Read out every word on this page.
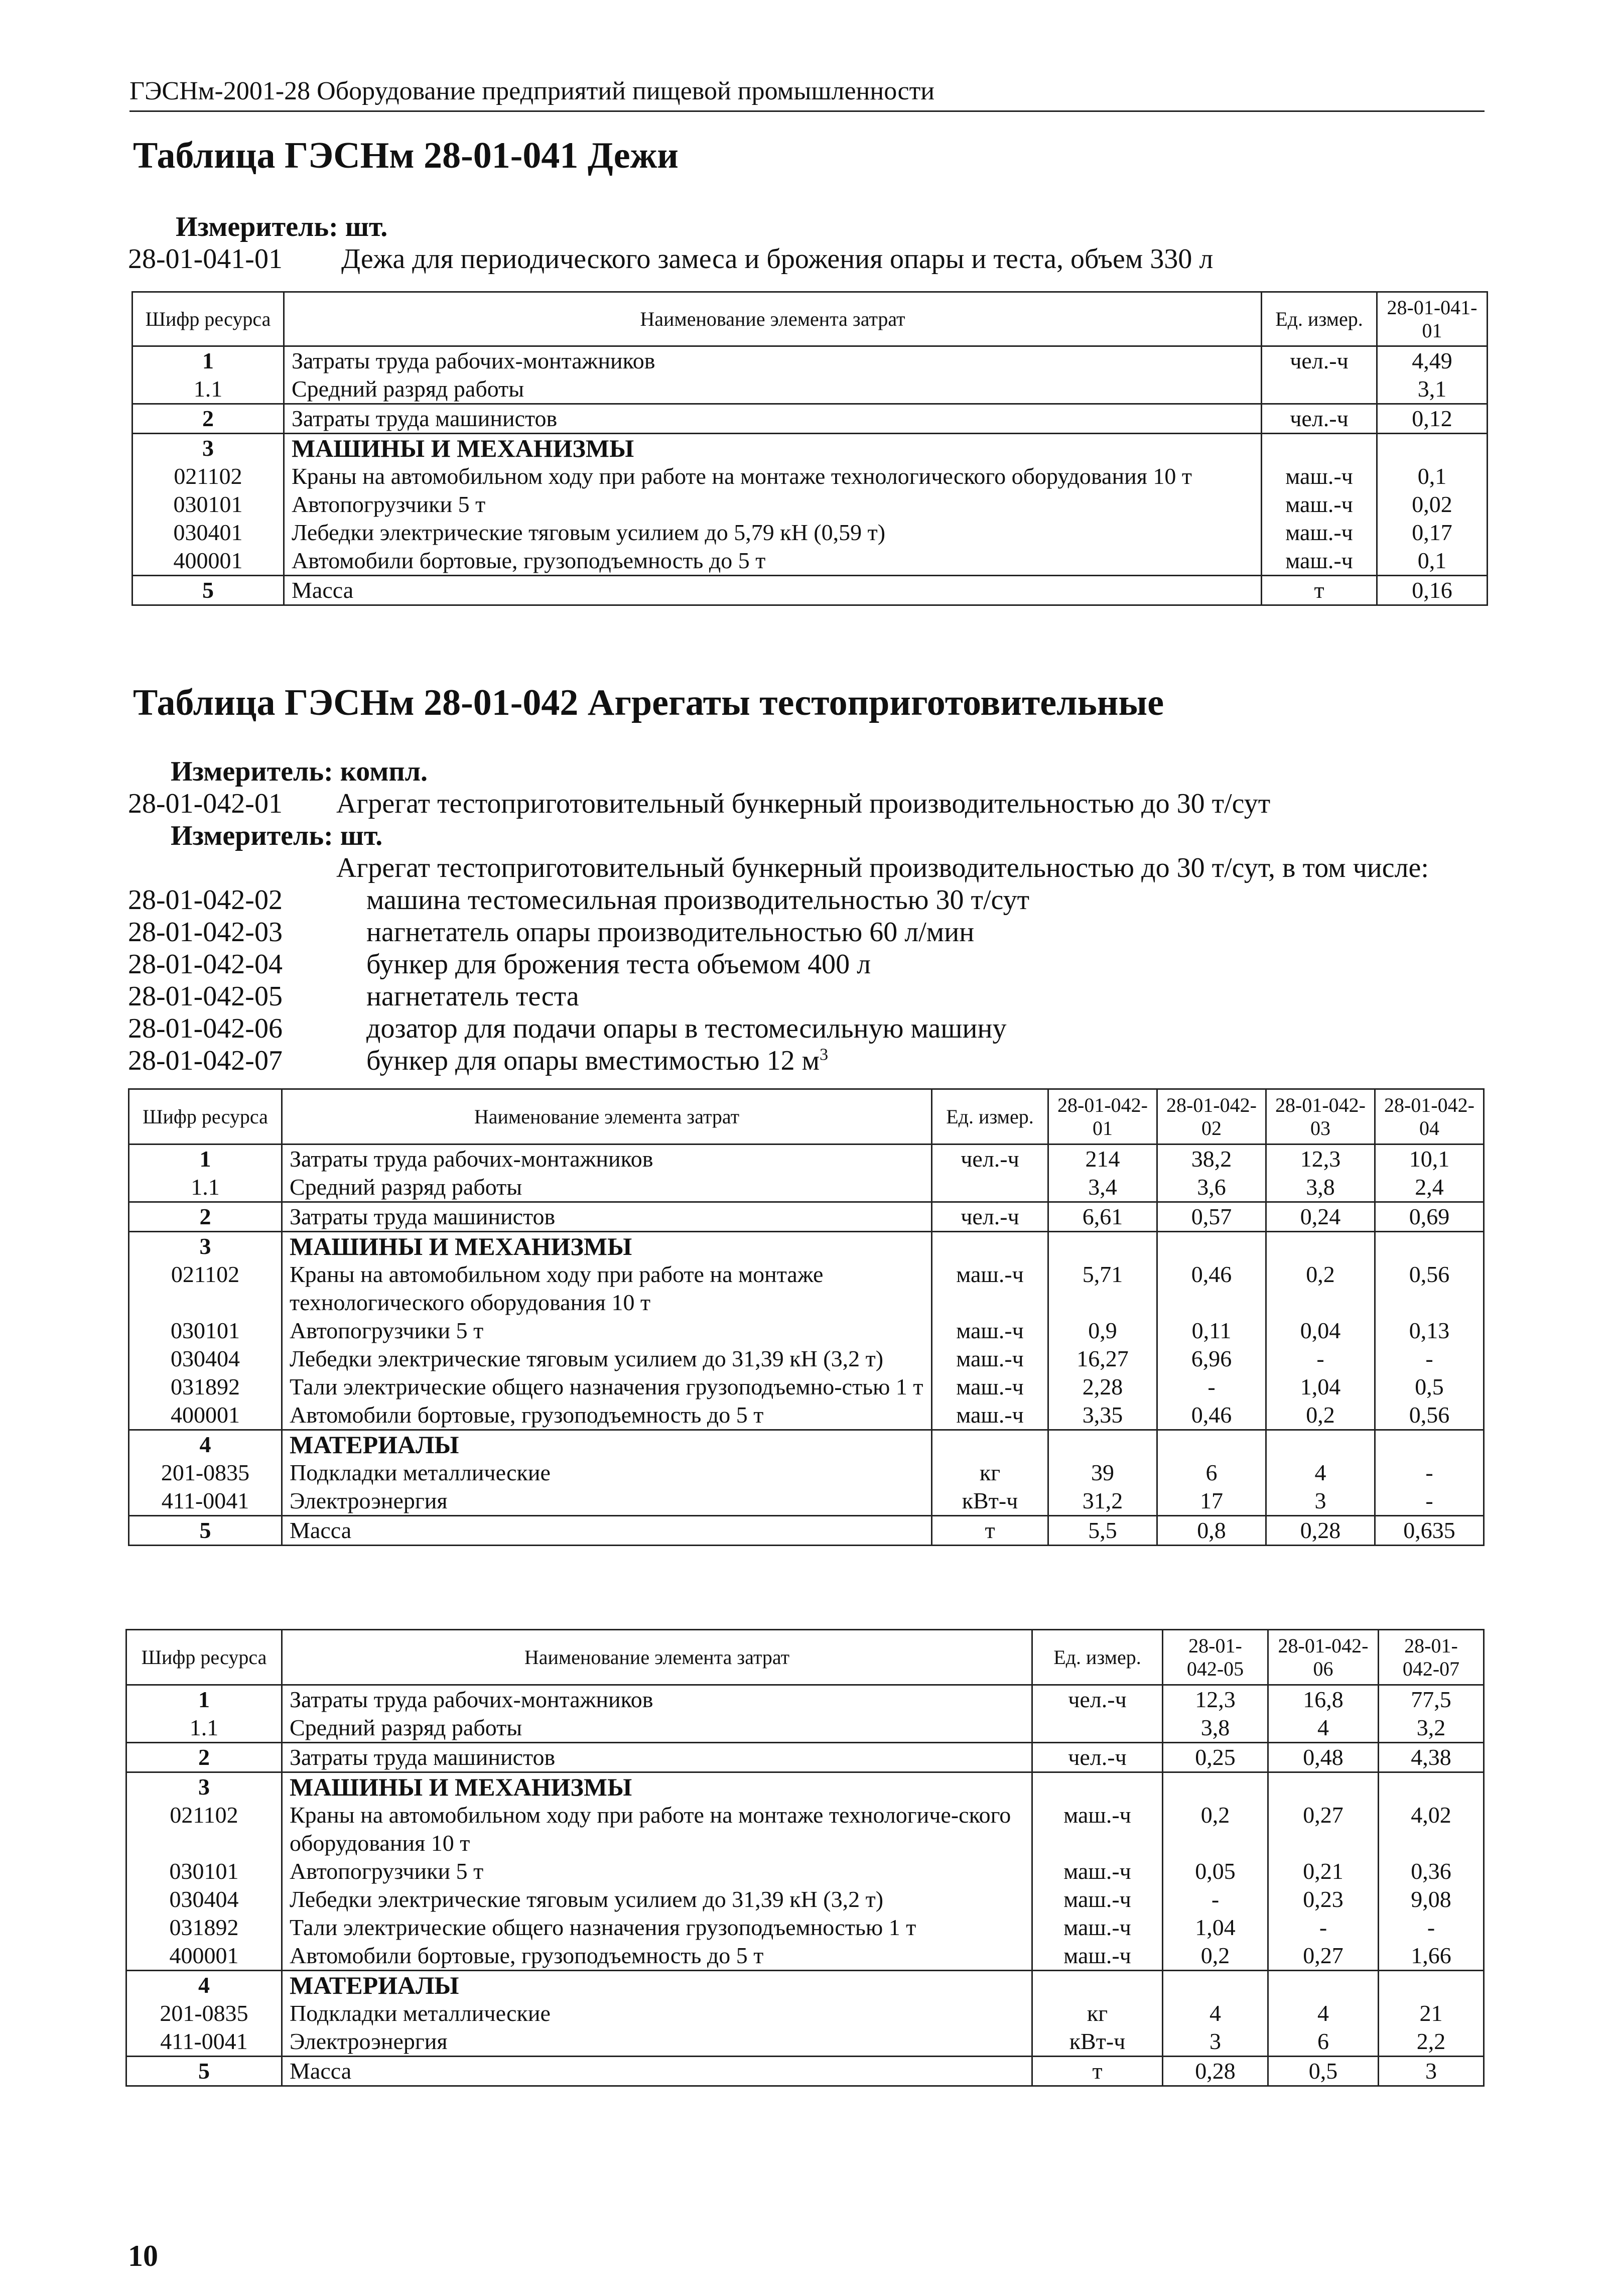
ГЭСНм-2001-28 Оборудование предприятий пищевой промышленности
Таблица ГЭСНм 28-01-041 Дежи
Измеритель: шт.
28-01-041-01 Дежа для периодического замеса и брожения опары и теста, объем 330 л
Шифр ресурса	Наименование элемента затрат	Ед. измер.	28-01-041-01
1	Затраты труда рабочих-монтажников	чел.-ч	4,49
1.1	Средний разряд работы		3,1
2	Затраты труда машинистов	чел.-ч	0,12
3	МАШИНЫ И МЕХАНИЗМЫ		
021102	Краны на автомобильном ходу при работе на монтаже технологического оборудования 10 т	маш.-ч	0,1
030101	Автопогрузчики 5 т	маш.-ч	0,02
030401	Лебедки электрические тяговым усилием до 5,79 кН (0,59 т)	маш.-ч	0,17
400001	Автомобили бортовые, грузоподъемность до 5 т	маш.-ч	0,1
5	Масса	т	0,16
Таблица ГЭСНм 28-01-042 Агрегаты тестоприготовительные
Измеритель: компл.
28-01-042-01 Агрегат тестоприготовительный бункерный производительностью до 30 т/сут
Измеритель: шт.
Агрегат тестоприготовительный бункерный производительностью до 30 т/сут, в том числе:
28-01-042-02	машина тестомесильная производительностью 30 т/сут
28-01-042-03	нагнетатель опары производительностью 60 л/мин
28-01-042-04	бункер для брожения теста объемом 400 л
28-01-042-05	нагнетатель теста
28-01-042-06	дозатор для подачи опары в тестомесильную машину
28-01-042-07	бункер для опары вместимостью 12 $м^3$
Шифр ресурса	Наименование элемента затрат	Ед. измер.	28-01-042-01	28-01-042-02	28-01-042-03	28-01-042-04
1	Затраты труда рабочих-монтажников	чел.-ч	214	38,2	12,3	10,1
1.1	Средний разряд работы		3,4	3,6	3,8	2,4
2	Затраты труда машинистов	чел.-ч	6,61	0,57	0,24	0,69
3	МАШИНЫ И МЕХАНИЗМЫ					
021102	Краны на автомобильном ходу при работе на монтаже технологического оборудования 10 т	маш.-ч	5,71	0,46	0,2	0,56
030101	Автопогрузчики 5 т	маш.-ч	0,9	0,11	0,04	0,13
030404	Лебедки электрические тяговым усилием до 31,39 кН (3,2 т)	маш.-ч	16,27	6,96	-	-
031892	Тали электрические общего назначения грузоподъемно-стью 1 т	маш.-ч	2,28	-	1,04	0,5
400001	Автомобили бортовые, грузоподъемность до 5 т	маш.-ч	3,35	0,46	0,2	0,56
4	МАТЕРИАЛЫ					
201-0835	Подкладки металлические	кг	39	6	4	-
411-0041	Электроэнергия	кВт-ч	31,2	17	3	-
5	Масса	т	5,5	0,8	0,28	0,635
Шифр ресурса	Наименование элемента затрат	Ед. измер.	28-01-042-05	28-01-042-06	28-01-042-07
1	Затраты труда рабочих-монтажников	чел.-ч	12,3	16,8	77,5
1.1	Средний разряд работы		3,8	4	3,2
2	Затраты труда машинистов	чел.-ч	0,25	0,48	4,38
3	МАШИНЫ И МЕХАНИЗМЫ				
021102	Краны на автомобильном ходу при работе на монтаже технологиче-ского оборудования 10 т	маш.-ч	0,2	0,27	4,02
030101	Автопогрузчики 5 т	маш.-ч	0,05	0,21	0,36
030404	Лебедки электрические тяговым усилием до 31,39 кН (3,2 т)	маш.-ч	-	0,23	9,08
031892	Тали электрические общего назначения грузоподъемностью 1 т	маш.-ч	1,04	-	-
400001	Автомобили бортовые, грузоподъемность до 5 т	маш.-ч	0,2	0,27	1,66
4	МАТЕРИАЛЫ				
201-0835	Подкладки металлические	кг	4	4	21
411-0041	Электроэнергия	кВт-ч	3	6	2,2
5	Масса	т	0,28	0,5	3
10
